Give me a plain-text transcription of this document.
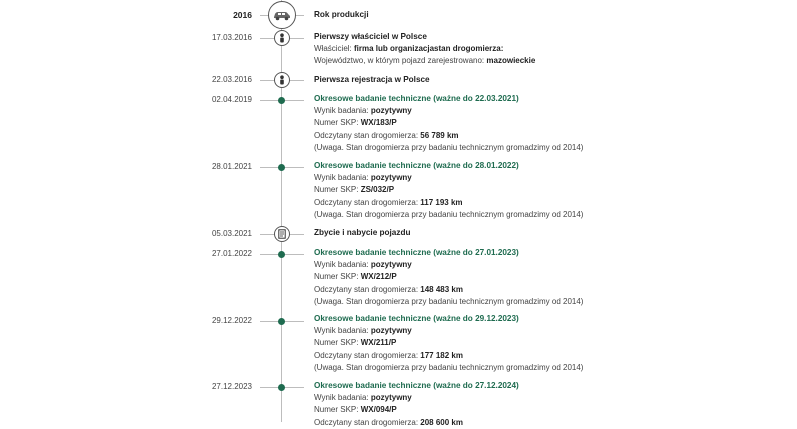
2016	Rok produkcji
17.03.2016	Pierwszy właściciel w Polsce
Właściciel: firma lub organizacjastan drogomierza:
Województwo, w którym pojazd zarejestrowano: mazowieckie
22.03.2016	Pierwsza rejestracja w Polsce
02.04.2019	Okresowe badanie techniczne (ważne do 22.03.2021)
Wynik badania: pozytywny
Numer SKP: WX/183/P
Odczytany stan drogomierza: 56 789 km
(Uwaga. Stan drogomierza przy badaniu technicznym gromadzimy od 2014)
28.01.2021	Okresowe badanie techniczne (ważne do 28.01.2022)
Wynik badania: pozytywny
Numer SKP: ZS/032/P
Odczytany stan drogomierza: 117 193 km
(Uwaga. Stan drogomierza przy badaniu technicznym gromadzimy od 2014)
05.03.2021	Zbycie i nabycie pojazdu
27.01.2022	Okresowe badanie techniczne (ważne do 27.01.2023)
Wynik badania: pozytywny
Numer SKP: WX/212/P
Odczytany stan drogomierza: 148 483 km
(Uwaga. Stan drogomierza przy badaniu technicznym gromadzimy od 2014)
29.12.2022	Okresowe badanie techniczne (ważne do 29.12.2023)
Wynik badania: pozytywny
Numer SKP: WX/211/P
Odczytany stan drogomierza: 177 182 km
(Uwaga. Stan drogomierza przy badaniu technicznym gromadzimy od 2014)
27.12.2023	Okresowe badanie techniczne (ważne do 27.12.2024)
Wynik badania: pozytywny
Numer SKP: WX/094/P
Odczytany stan drogomierza: 208 600 km
